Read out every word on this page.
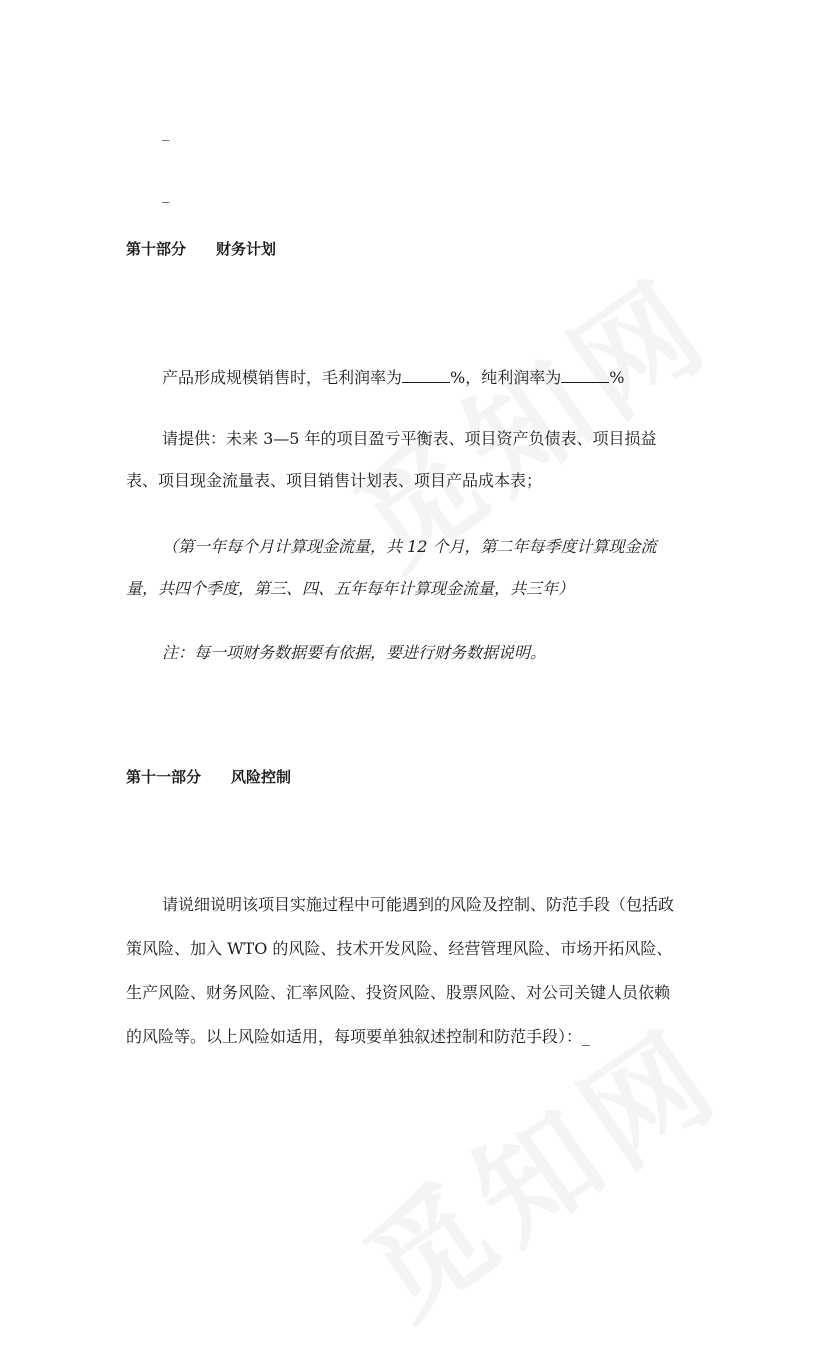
_
_
第十部分 财务计划
产品形成规模销售时，毛利润率为	%，纯利润率为	%
请提供：未来 3—5 年的项目盈亏平衡表、项目资产负债表、项目损益
表、项目现金流量表、项目销售计划表、项目产品成本表；
（第一年每个月计算现金流量，共 12 个月，第二年每季度计算现金流
量，共四个季度，第三、四、五年每年计算现金流量，共三年）
注：每一项财务数据要有依据，要进行财务数据说明。
第十一部分 风险控制
请说细说明该项目实施过程中可能遇到的风险及控制、防范手段（包括政
策风险、加入 WTO 的风险、技术开发风险、经营管理风险、市场开拓风险、
生产风险、财务风险、汇率风险、投资风险、股票风险、对公司关键人员依赖
的风险等。以上风险如适用，每项要单独叙述控制和防范手段）：_
